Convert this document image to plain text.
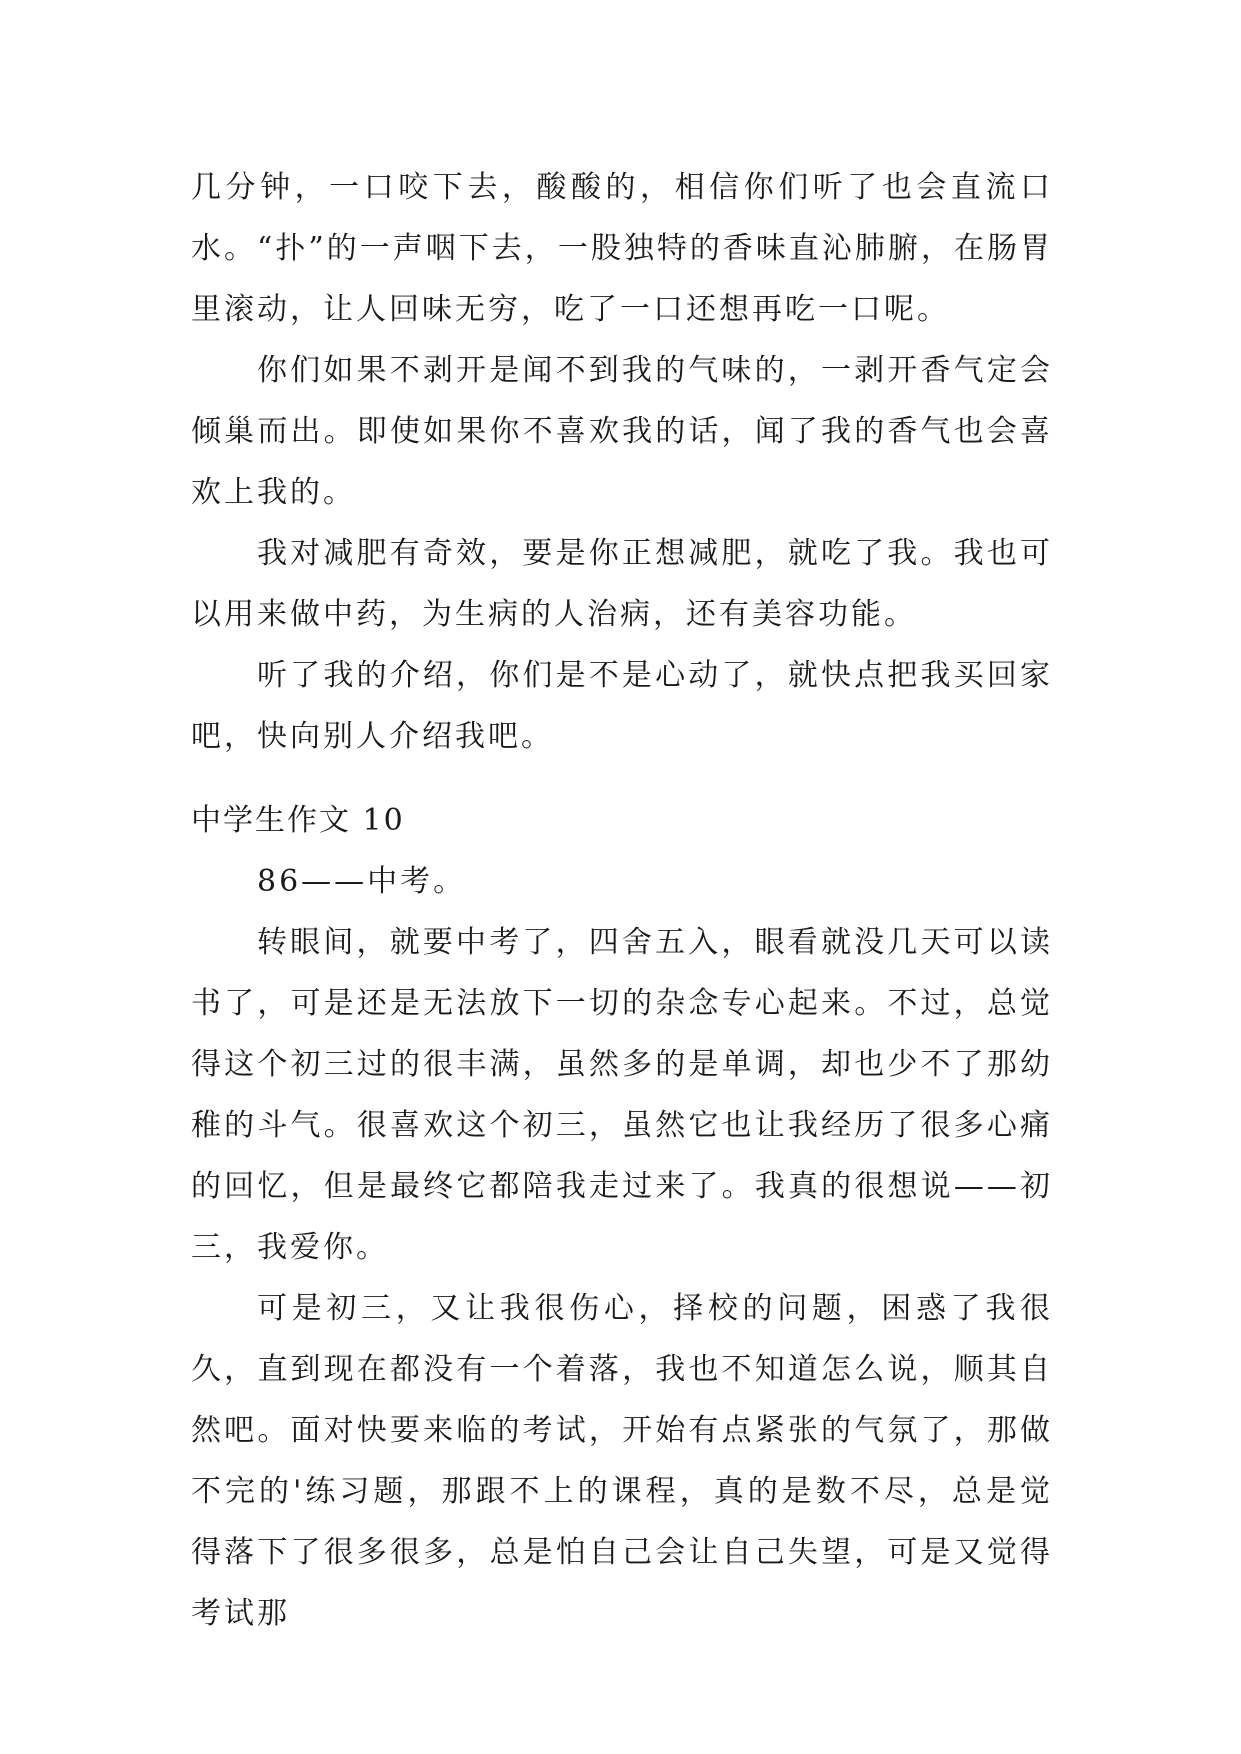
几分钟，一口咬下去，酸酸的，相信你们听了也会直流口水。“扑”的一声咽下去，一股独特的香味直沁肺腑，在肠胃里滚动，让人回味无穷，吃了一口还想再吃一口呢。

你们如果不剥开是闻不到我的气味的，一剥开香气定会倾巢而出。即使如果你不喜欢我的话，闻了我的香气也会喜欢上我的。

我对减肥有奇效，要是你正想减肥，就吃了我。我也可以用来做中药，为生病的人治病，还有美容功能。

听了我的介绍，你们是不是心动了，就快点把我买回家吧，快向别人介绍我吧。

中学生作文 10

86——中考。

转眼间，就要中考了，四舍五入，眼看就没几天可以读书了，可是还是无法放下一切的杂念专心起来。不过，总觉得这个初三过的很丰满，虽然多的是单调，却也少不了那幼稚的斗气。很喜欢这个初三，虽然它也让我经历了很多心痛的回忆，但是最终它都陪我走过来了。我真的很想说——初三，我爱你。

可是初三，又让我很伤心，择校的问题，困惑了我很久，直到现在都没有一个着落，我也不知道怎么说，顺其自然吧。面对快要来临的考试，开始有点紧张的气氛了，那做不完的'练习题，那跟不上的课程，真的是数不尽，总是觉得落下了很多很多，总是怕自己会让自己失望，可是又觉得考试那
